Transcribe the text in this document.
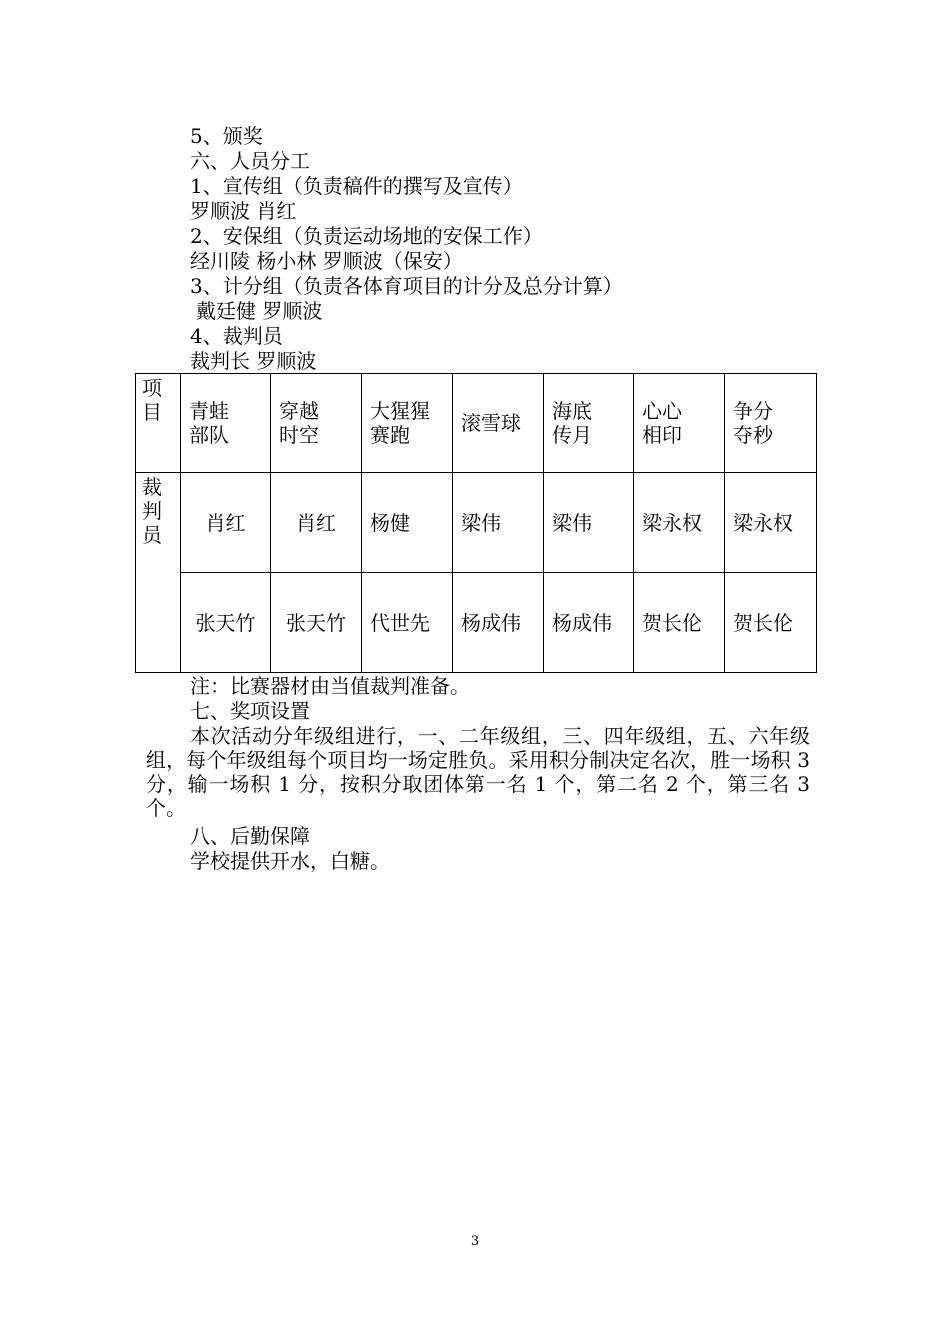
5、颁奖
六、人员分工
1、宣传组（负责稿件的撰写及宣传）
罗顺波 肖红
2、安保组（负责运动场地的安保工作）
经川陵 杨小林 罗顺波（保安）
3、计分组（负责各体育项目的计分及总分计算）
戴廷健 罗顺波
4、裁判员
裁判长 罗顺波
项目	青蛙部队	穿越时空	大猩猩赛跑	滚雪球	海底传月	心心相印	争分夺秒

裁判员	肖红	肖红	杨健	梁伟	梁伟	梁永权	梁永权
	张天竹	张天竹	代世先	杨成伟	杨成伟	贺长伦	贺长伦
注：比赛器材由当值裁判准备。
七、奖项设置
本次活动分年级组进行，一、二年级组，三、四年级组，五、六年级组，每个年级组每个项目均一场定胜负。采用积分制决定名次，胜一场积 3 分，输一场积 1 分，按积分取团体第一名 1 个，第二名 2 个，第三名 3 个。
八、后勤保障
学校提供开水，白糖。
3
